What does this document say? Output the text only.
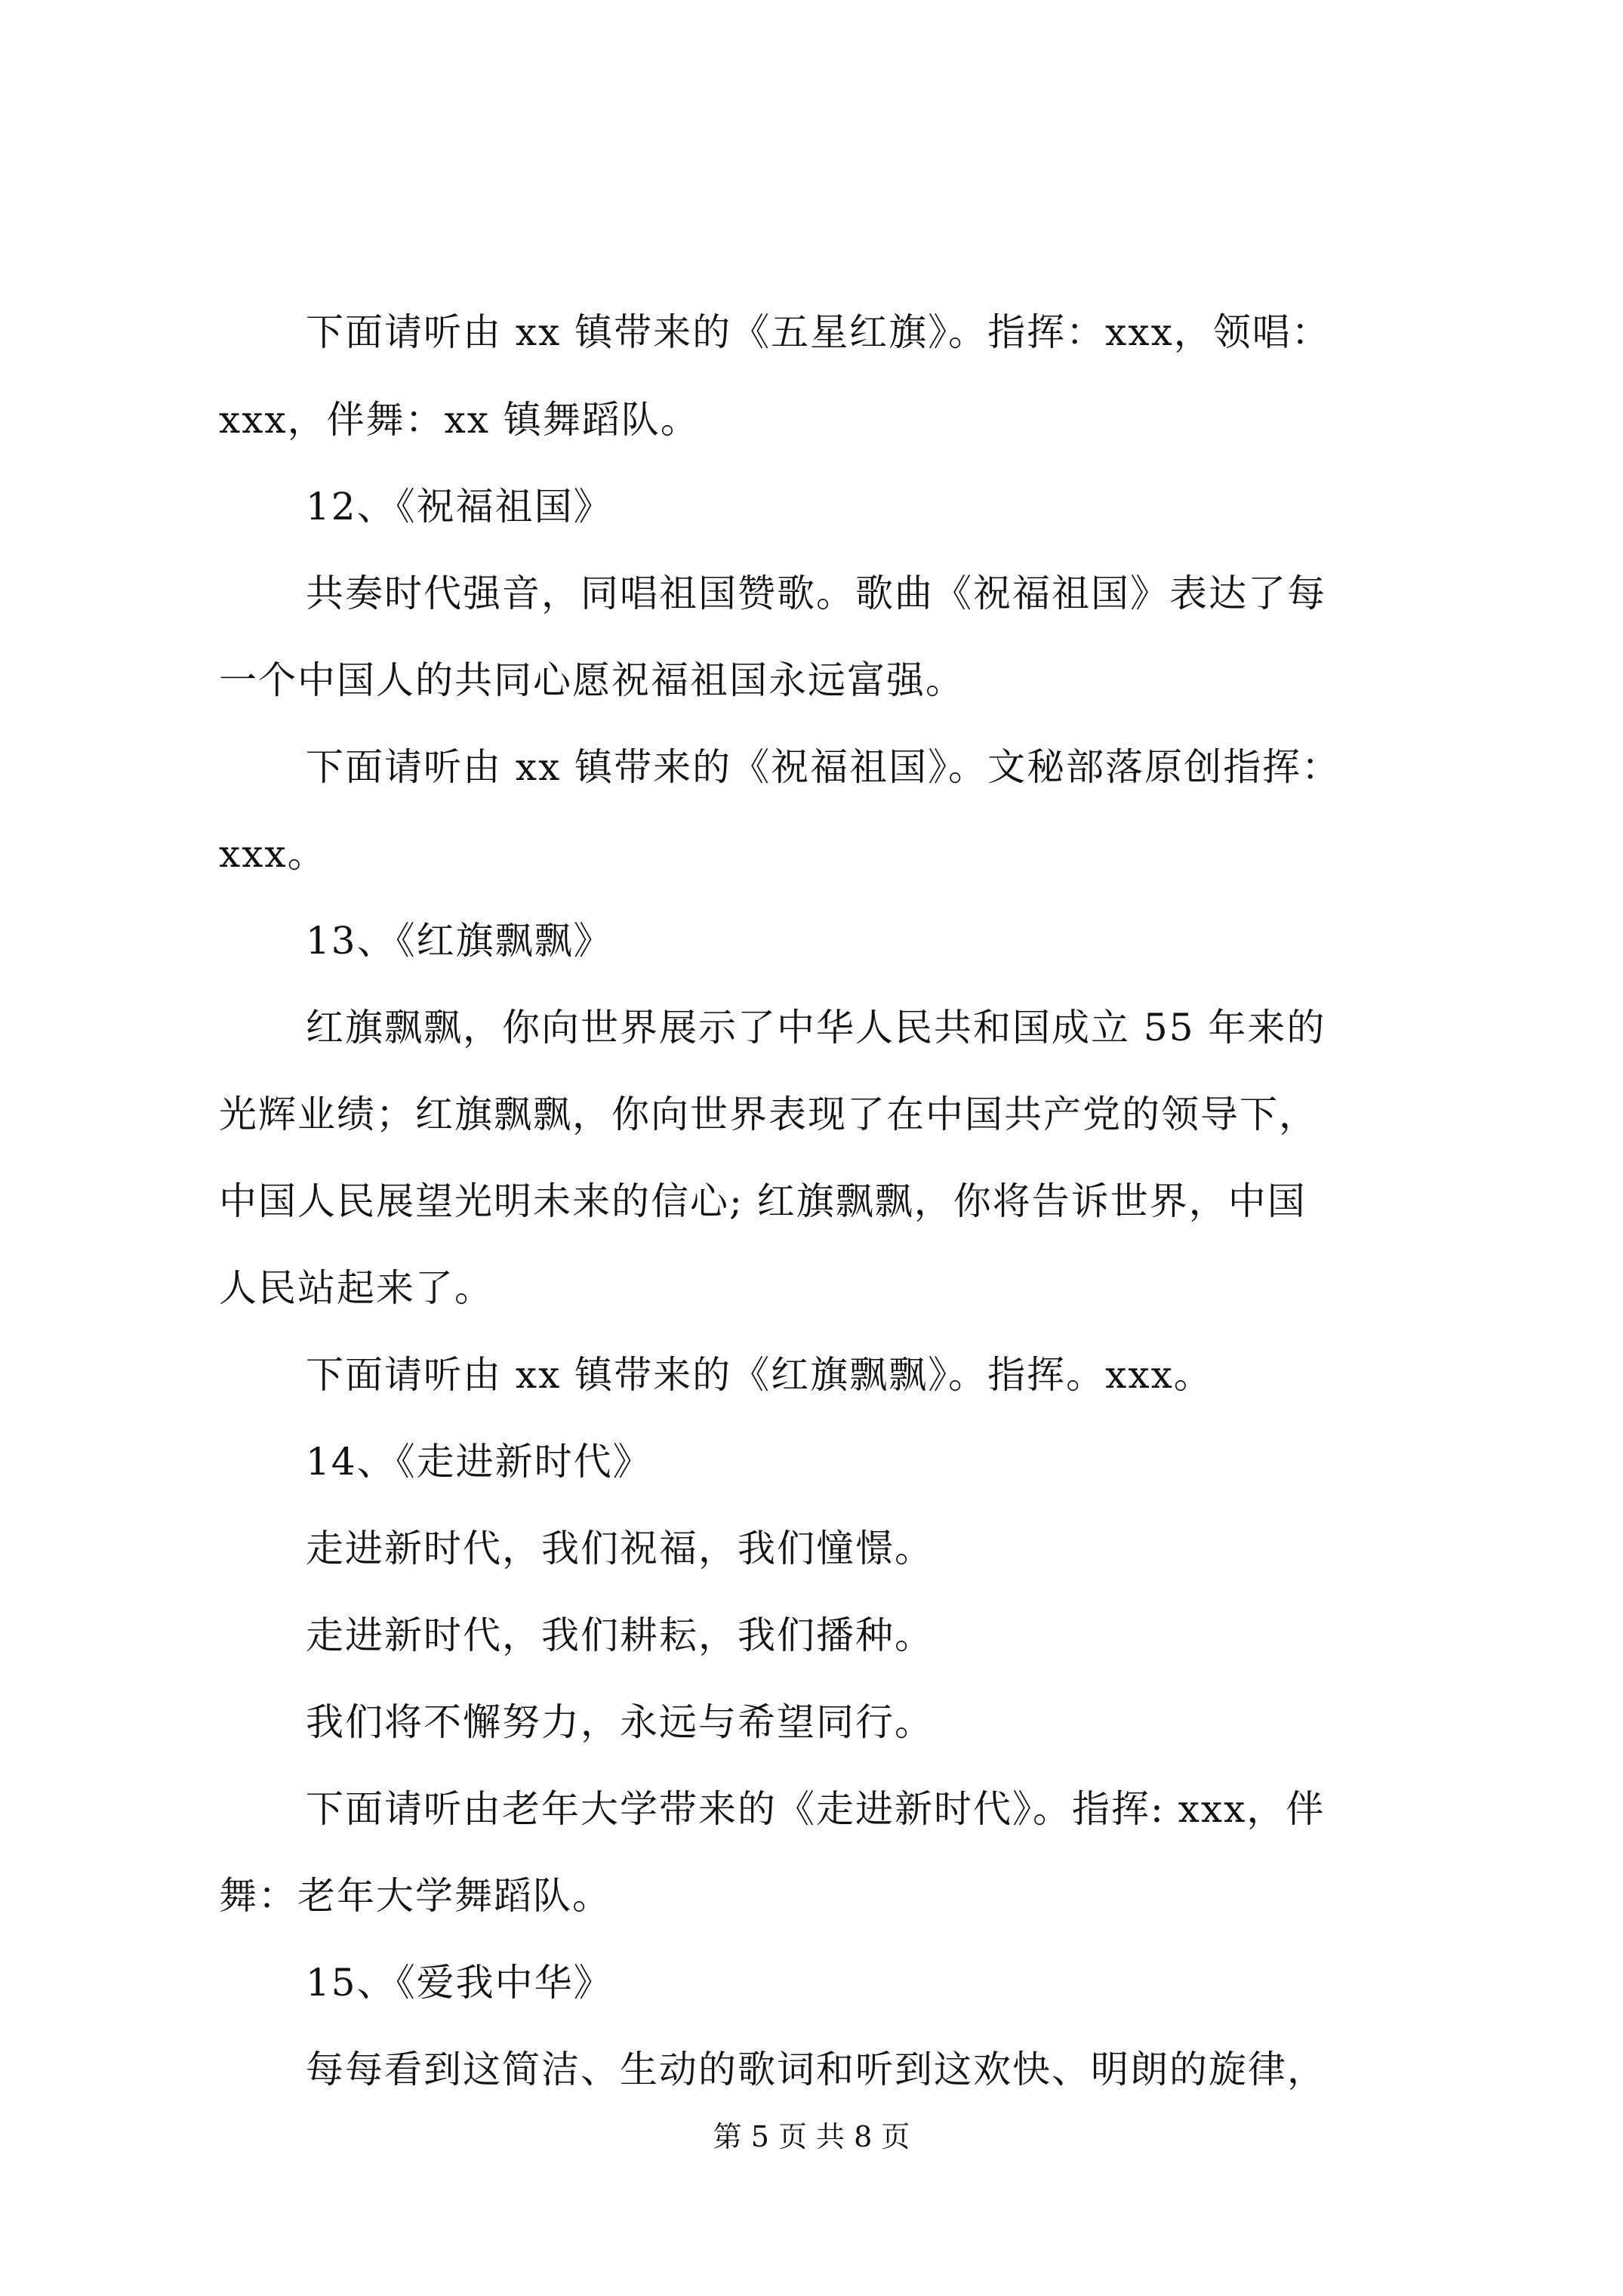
下面请听由 xx 镇带来的《五星红旗》。指挥：xxx，领唱：
xxx，伴舞：xx 镇舞蹈队。
12、《祝福祖国》
共奏时代强音，同唱祖国赞歌。歌曲《祝福祖国》表达了每
一个中国人的共同心愿祝福祖国永远富强。
下面请听由 xx 镇带来的《祝福祖国》。文秘部落原创指挥：
xxx。
13、《红旗飘飘》
红旗飘飘，你向世界展示了中华人民共和国成立 55 年来的
光辉业绩；红旗飘飘，你向世界表现了在中国共产党的领导下，
中国人民展望光明未来的信心; 红旗飘飘，你将告诉世界，中国
人民站起来了。
下面请听由 xx 镇带来的《红旗飘飘》。指挥。xxx。
14、《走进新时代》
走进新时代，我们祝福，我们憧憬。
走进新时代，我们耕耘，我们播种。
我们将不懈努力，永远与希望同行。
下面请听由老年大学带来的《走进新时代》。指挥: xxx，伴
舞：老年大学舞蹈队。
15、《爱我中华》
每每看到这简洁、生动的歌词和听到这欢快、明朗的旋律，
第 5 页 共 8 页
